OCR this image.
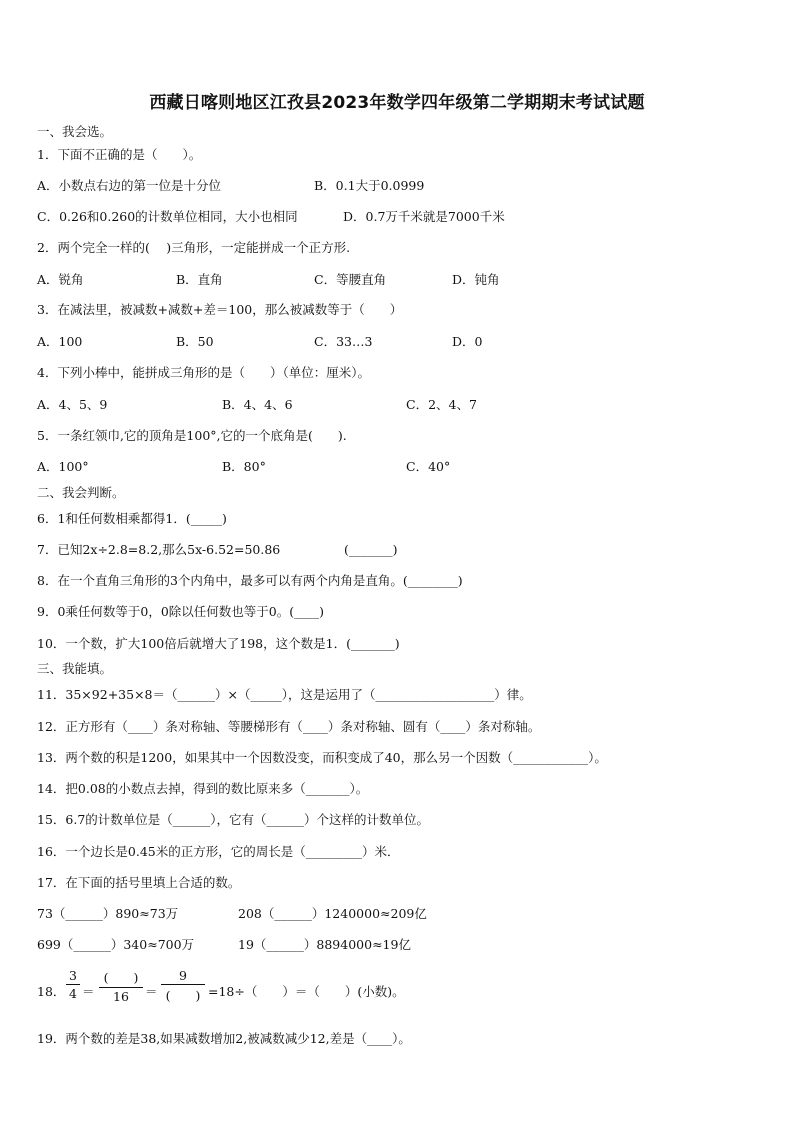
西藏日喀则地区江孜县2023年数学四年级第二学期期末考试试题
一、我会选。
1．下面不正确的是（　　）。
A．小数点右边的第一位是十分位	B．0.1大于0.0999
C．0.26和0.260的计数单位相同，大小也相同	D．0.7万千米就是7000千米
2．两个完全一样的(　 )三角形，一定能拼成一个正方形.
A．锐角	B．直角	C．等腰直角	D．钝角
3．在减法里，被减数+减数+差＝100，那么被减数等于（　　）
A．100	B．50	C．33…3	D．0
4．下列小棒中，能拼成三角形的是（　　）（单位：厘米）。
A．4、5、9	B．4、4、6	C．2、4、7
5．一条红领巾,它的顶角是100°,它的一个底角是(　　).
A．100°	B．80°	C．40°
二、我会判断。
6．1和任何数相乘都得1．(_____)
7．已知2x÷2.8=8.2,那么5x-6.52=50.86	(_______)
8．在一个直角三角形的3个内角中，最多可以有两个内角是直角。(________)
9．0乘任何数等于0，0除以任何数也等于0。(____)
10．一个数，扩大100倍后就增大了198，这个数是1．(_______)
三、我能填。
11．35×92+35×8＝（______）×（_____），这是运用了（___________________）律。
12．正方形有（____）条对称轴、等腰梯形有（____）条对称轴、圆有（____）条对称轴。
13．两个数的积是1200，如果其中一个因数没变，而积变成了40，那么另一个因数（____________）。
14．把0.08的小数点去掉，得到的数比原来多（_______）。
15．6.7的计数单位是（______），它有（______）个这样的计数单位。
16．一个边长是0.45米的正方形，它的周长是（_________）米．
17．在下面的括号里填上合适的数。
73（______）890≈73万	208（______）1240000≈209亿
699（______）340≈700万	19（______）8894000≈19亿
18．
3
4 ＝
(　　)
16	＝
9
(　　) =18÷（　　）＝（　　）(小数)。
19．两个数的差是38,如果减数增加2,被减数减少12,差是（____）。
